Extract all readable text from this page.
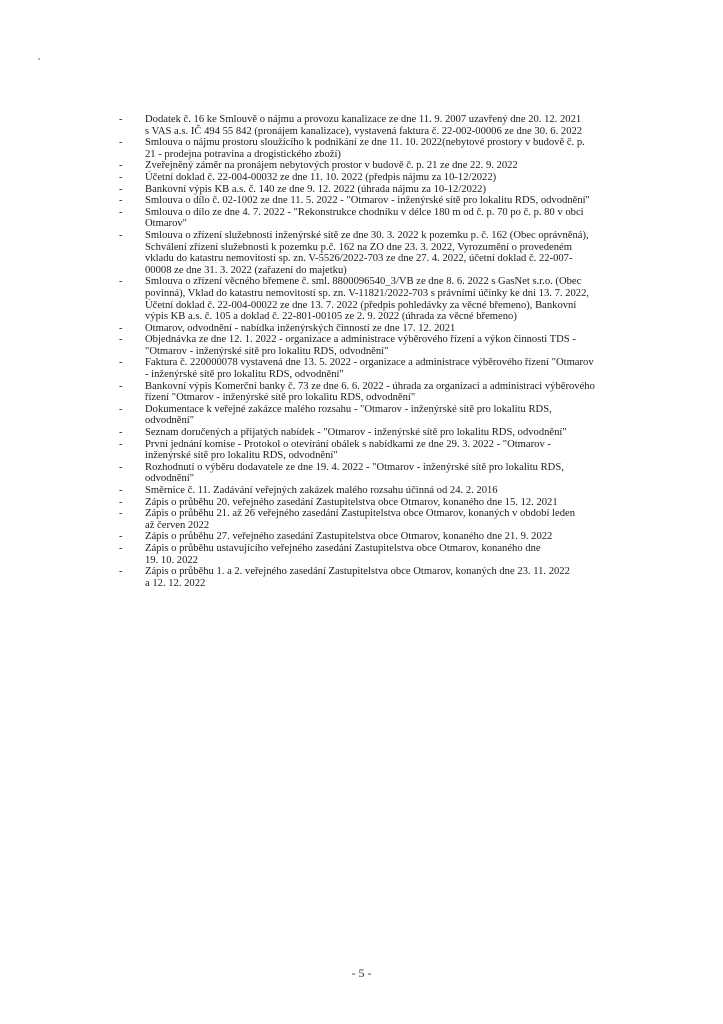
- Dodatek č. 16 ke Smlouvě o nájmu a provozu kanalizace ze dne 11. 9. 2007 uzavřený dne 20. 12. 2021
s VAS a.s. IČ 494 55 842 (pronájem kanalizace), vystavená faktura č. 22-002-00006 ze dne 30. 6. 2022
- Smlouva o nájmu prostoru sloužícího k podnikání ze dne 11. 10. 2022(nebytové prostory v budově č. p.
21 - prodejna potravina a drogistického zboží)
- Zveřejněný záměr na pronájem nebytových prostor v budově č. p. 21 ze dne 22. 9. 2022
- Účetní doklad č. 22-004-00032 ze dne 11. 10. 2022 (předpis nájmu za 10-12/2022)
- Bankovní výpis KB a.s. č. 140 ze dne 9. 12. 2022 (úhrada nájmu za 10-12/2022)
- Smlouva o dílo č. 02-1002 ze dne 11. 5. 2022 - "Otmarov - inženýrské sítě pro lokalitu RDS, odvodnění"
- Smlouva o dílo ze dne 4. 7. 2022 - "Rekonstrukce chodníku v délce 180 m od č. p. 70 po č. p. 80 v obci
Otmarov"
- Smlouva o zřízení služebnosti inženýrské sítě ze dne 30. 3. 2022 k pozemku p. č. 162 (Obec oprávněná),
Schválení zřízení služebnosti k pozemku p.č. 162 na ZO dne 23. 3. 2022, Vyrozumění o provedeném
vkladu do katastru nemovitostí sp. zn. V-5526/2022-703 ze dne 27. 4. 2022, účetní doklad č. 22-007-
00008 ze dne 31. 3. 2022 (zařazení do majetku)
- Smlouva o zřízení věcného břemene č. sml. 8800096540_3/VB ze dne 8. 6. 2022 s GasNet s.r.o. (Obec
povinná), Vklad do katastru nemovitostí sp. zn. V-11821/2022-703 s právními účinky ke dni 13. 7. 2022,
Účetní doklad č. 22-004-00022 ze dne 13. 7. 2022 (předpis pohledávky za věcné břemeno), Bankovní
výpis KB a.s. č. 105 a doklad č. 22-801-00105 ze 2. 9. 2022 (úhrada za věcné břemeno)
- Otmarov, odvodnění - nabídka inženýrských činností ze dne 17. 12. 2021
- Objednávka ze dne 12. 1. 2022 - organizace a administrace výběrového řízení a výkon činnosti TDS -
"Otmarov - inženýrské sítě pro lokalitu RDS, odvodnění"
- Faktura č. 220000078 vystavená dne 13. 5. 2022 - organizace a administrace výběrového řízení "Otmarov
- inženýrské sítě pro lokalitu RDS, odvodnění"
- Bankovní výpis Komerční banky č. 73 ze dne 6. 6. 2022 - úhrada za organizaci a administraci výběrového
řízení "Otmarov - inženýrské sítě pro lokalitu RDS, odvodnění"
- Dokumentace k veřejné zakázce malého rozsahu - "Otmarov - inženýrské sítě pro lokalitu RDS,
odvodnění"
- Seznam doručených a přijatých nabídek - "Otmarov - inženýrské sítě pro lokalitu RDS, odvodnění"
- První jednání komise - Protokol o otevírání obálek s nabídkami ze dne 29. 3. 2022 - "Otmarov -
inženýrské sítě pro lokalitu RDS, odvodnění"
- Rozhodnutí o výběru dodavatele ze dne 19. 4. 2022 - "Otmarov - inženýrské sítě pro lokalitu RDS,
odvodnění"
- Směrnice č. 11. Zadávání veřejných zakázek malého rozsahu účinná od 24. 2. 2016
- Zápis o průběhu 20. veřejného zasedání Zastupitelstva obce Otmarov, konaného dne 15. 12. 2021
- Zápis o průběhu 21. až 26 veřejného zasedání Zastupitelstva obce Otmarov, konaných v období leden
až červen 2022
- Zápis o průběhu 27. veřejného zasedání Zastupitelstva obce Otmarov, konaného dne 21. 9. 2022
- Zápis o průběhu ustavujícího veřejného zasedání Zastupitelstva obce Otmarov, konaného dne
19. 10. 2022
- Zápis o průběhu 1. a 2. veřejného zasedání Zastupitelstva obce Otmarov, konaných dne 23. 11. 2022
a 12. 12. 2022
- 5 -
